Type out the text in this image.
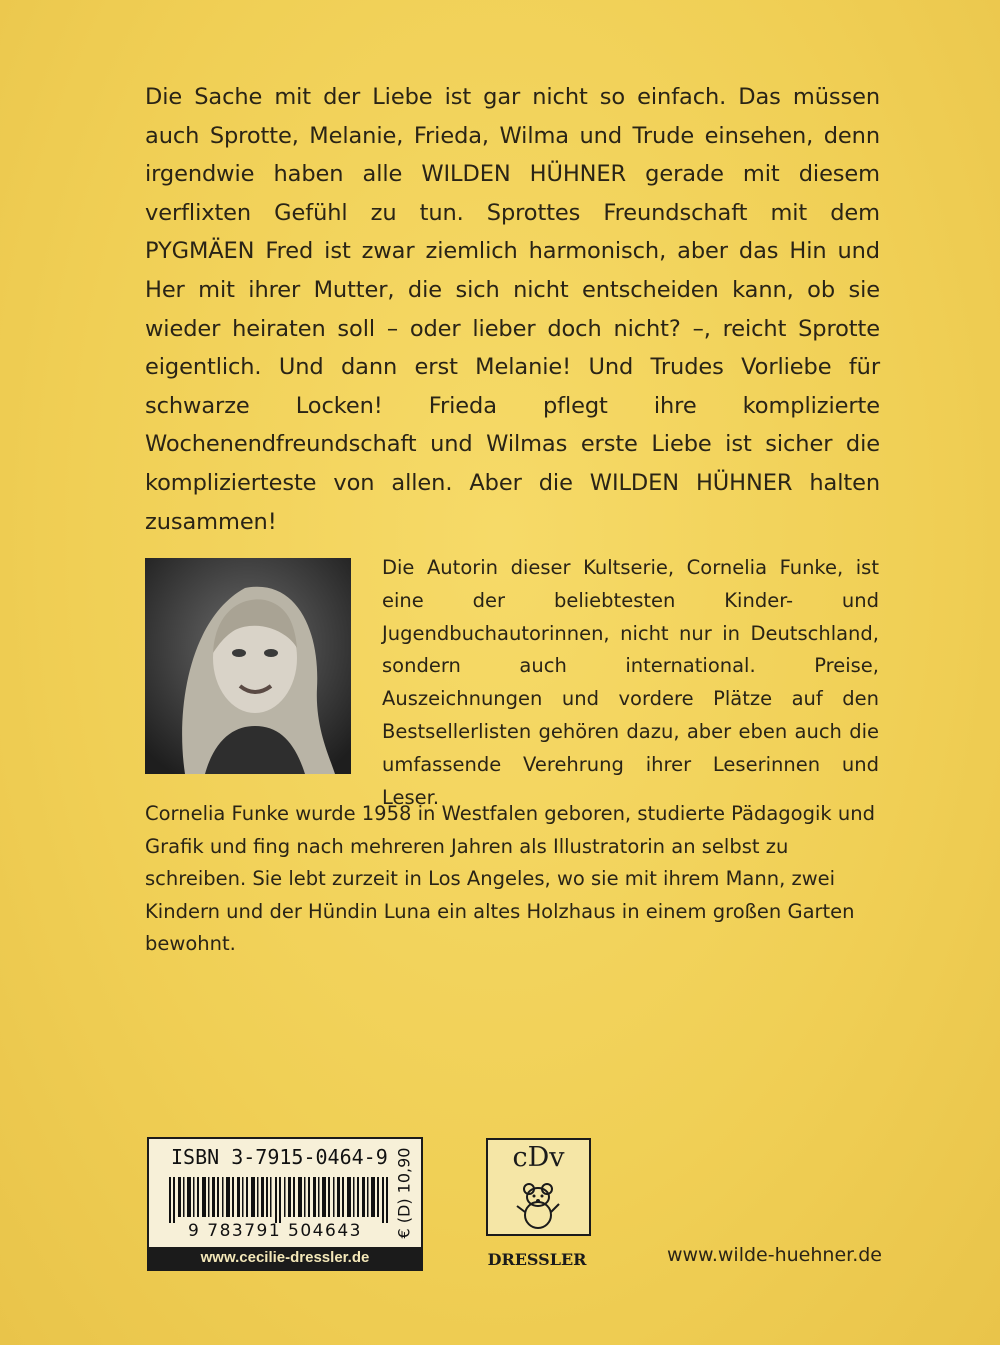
Die Sache mit der Liebe ist gar nicht so einfach. Das müssen auch Sprotte, Melanie, Frieda, Wilma und Trude einsehen, denn irgendwie haben alle WILDEN HÜHNER gerade mit diesem verflixten Gefühl zu tun. Sprottes Freundschaft mit dem PYGMÄEN Fred ist zwar ziemlich harmonisch, aber das Hin und Her mit ihrer Mutter, die sich nicht entscheiden kann, ob sie wieder heiraten soll – oder lieber doch nicht? –, reicht Sprotte eigentlich. Und dann erst Melanie! Und Trudes Vorliebe für schwarze Locken! Frieda pflegt ihre komplizierte Wochenendfreundschaft und Wilmas erste Liebe ist sicher die komplizierteste von allen. Aber die WILDEN HÜHNER halten zusammen!

Die Autorin dieser Kultserie, Cornelia Funke, ist eine der beliebtesten Kinder- und Jugendbuchautorinnen, nicht nur in Deutschland, sondern auch international. Preise, Auszeichnungen und vordere Plätze auf den Bestsellerlisten gehören dazu, aber eben auch die umfassende Verehrung ihrer Leserinnen und Leser.

Cornelia Funke wurde 1958 in Westfalen geboren, studierte Pädagogik und Grafik und fing nach mehreren Jahren als Illustratorin an selbst zu schreiben. Sie lebt zurzeit in Los Angeles, wo sie mit ihrem Mann, zwei Kindern und der Hündin Luna ein altes Holzhaus in einem großen Garten bewohnt.

ISBN 3-7915-0464-9
9 783791 504643	€ (D) 10,90
www.cecilie-dressler.de
cDv
DRESSLER	www.wilde-huehner.de
